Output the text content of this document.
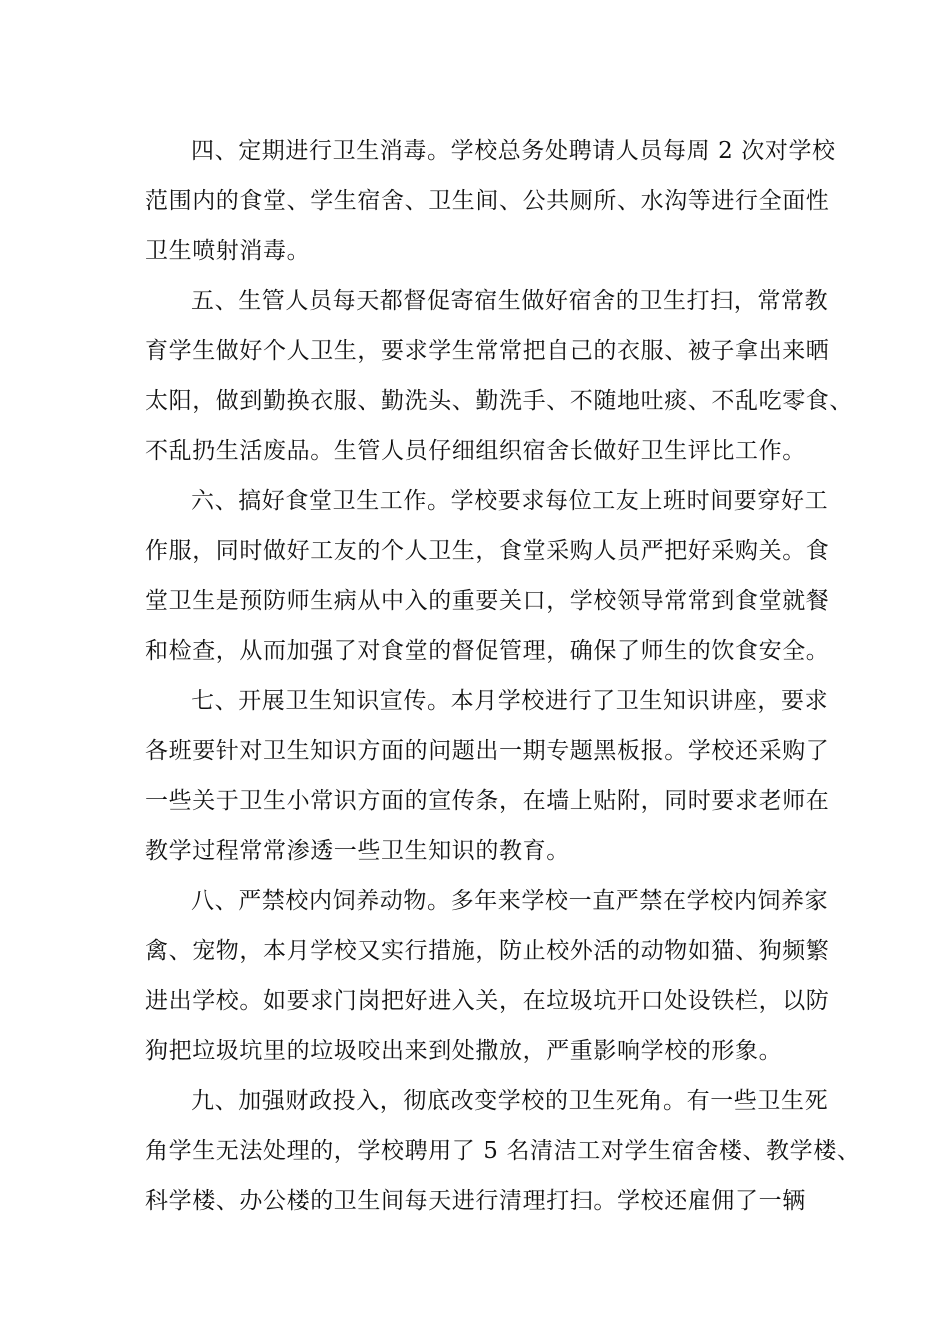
四、定期进行卫生消毒。学校总务处聘请人员每周 2 次对学校
范围内的食堂、学生宿舍、卫生间、公共厕所、水沟等进行全面性
卫生喷射消毒。
五、生管人员每天都督促寄宿生做好宿舍的卫生打扫，常常教
育学生做好个人卫生，要求学生常常把自己的衣服、被子拿出来晒
太阳，做到勤换衣服、勤洗头、勤洗手、不随地吐痰、不乱吃零食、
不乱扔生活废品。生管人员仔细组织宿舍长做好卫生评比工作。
六、搞好食堂卫生工作。学校要求每位工友上班时间要穿好工
作服，同时做好工友的个人卫生，食堂采购人员严把好采购关。食
堂卫生是预防师生病从中入的重要关口，学校领导常常到食堂就餐
和检查，从而加强了对食堂的督促管理，确保了师生的饮食安全。
七、开展卫生知识宣传。本月学校进行了卫生知识讲座，要求
各班要针对卫生知识方面的问题出一期专题黑板报。学校还采购了
一些关于卫生小常识方面的宣传条，在墙上贴附，同时要求老师在
教学过程常常渗透一些卫生知识的教育。
八、严禁校内饲养动物。多年来学校一直严禁在学校内饲养家
禽、宠物，本月学校又实行措施，防止校外活的动物如猫、狗频繁
进出学校。如要求门岗把好进入关，在垃圾坑开口处设铁栏，以防
狗把垃圾坑里的垃圾咬出来到处撒放，严重影响学校的形象。
九、加强财政投入，彻底改变学校的卫生死角。有一些卫生死
角学生无法处理的，学校聘用了 5 名清洁工对学生宿舍楼、教学楼、
科学楼、办公楼的卫生间每天进行清理打扫。学校还雇佣了一辆
